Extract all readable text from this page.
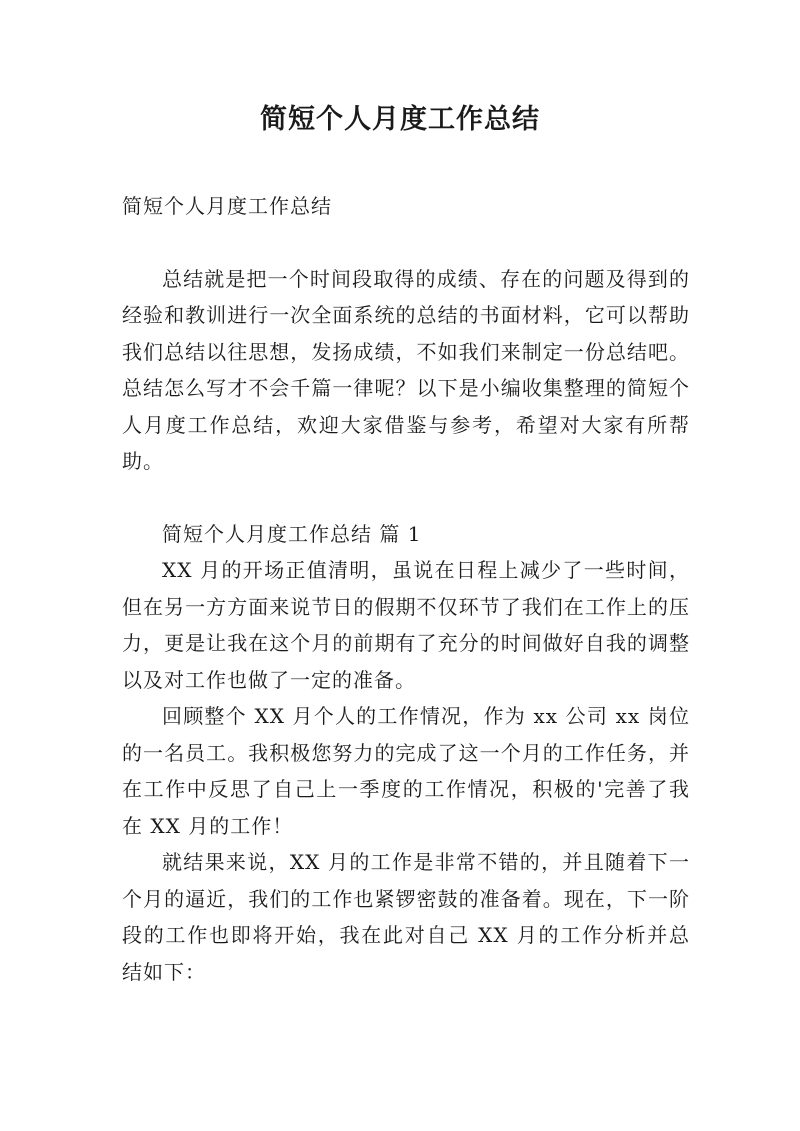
简短个人月度工作总结

简短个人月度工作总结

总结就是把一个时间段取得的成绩、存在的问题及得到的经验和教训进行一次全面系统的总结的书面材料，它可以帮助我们总结以往思想，发扬成绩，不如我们来制定一份总结吧。总结怎么写才不会千篇一律呢？以下是小编收集整理的简短个人月度工作总结，欢迎大家借鉴与参考，希望对大家有所帮助。

简短个人月度工作总结 篇 1

XX 月的开场正值清明，虽说在日程上减少了一些时间，但在另一方方面来说节日的假期不仅环节了我们在工作上的压力，更是让我在这个月的前期有了充分的时间做好自我的调整以及对工作也做了一定的准备。

回顾整个 XX 月个人的工作情况，作为 xx 公司 xx 岗位的一名员工。我积极您努力的完成了这一个月的工作任务，并在工作中反思了自己上一季度的工作情况，积极的'完善了我在 XX 月的工作！

就结果来说，XX 月的工作是非常不错的，并且随着下一个月的逼近，我们的工作也紧锣密鼓的准备着。现在，下一阶段的工作也即将开始，我在此对自己 XX 月的工作分析并总结如下：
